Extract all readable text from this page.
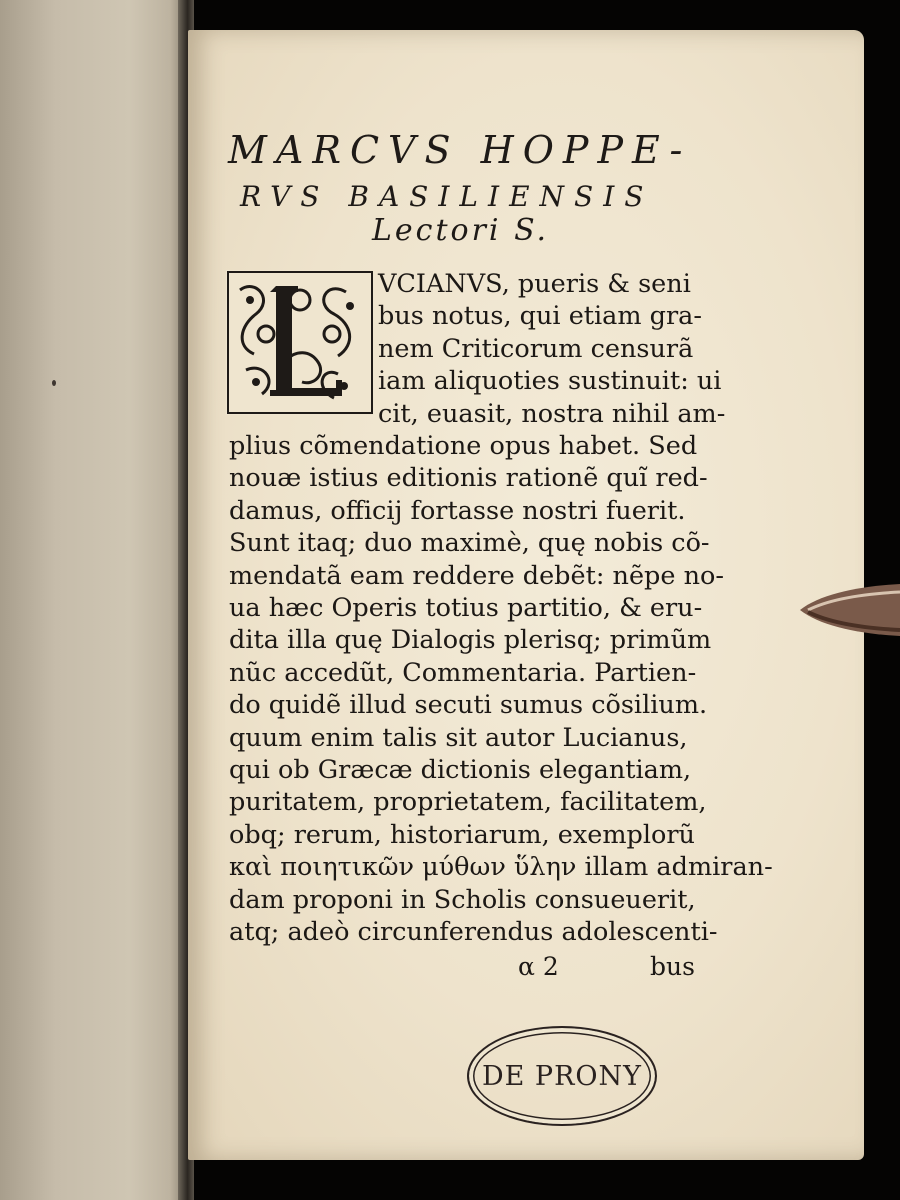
MARCVS HOPPE-
RVS BASILIENSIS
Lectori S.
VCIANVS, pueris & seni
bus notus, qui etiam gra-
nem Criticorum censurã
iam aliquoties sustinuit: ui
cit, euasit, nostra nihil am-
plius cõmendatione opus habet. Sed
nouæ istius editionis rationẽ quĩ red-
damus, officij fortasse nostri fuerit.
Sunt itaq; duo maximè, quę nobis cõ-
mendatã eam reddere debẽt: nẽpe no-
ua hæc Operis totius partitio, & eru-
dita illa quę Dialogis plerisq; primũm
nũc accedũt, Commentaria. Partien-
do quidẽ illud secuti sumus cõsilium.
quum enim talis sit autor Lucianus,
qui ob Græcæ dictionis elegantiam,
puritatem, proprietatem, facilitatem,
obq; rerum, historiarum, exemplorũ
καὶ ποιητικῶν μύθων ὕλην illam admiran-
dam proponi in Scholis consueuerit,
atq; adeò circunferendus adolescenti-
α 2	bus
DE PRONY
